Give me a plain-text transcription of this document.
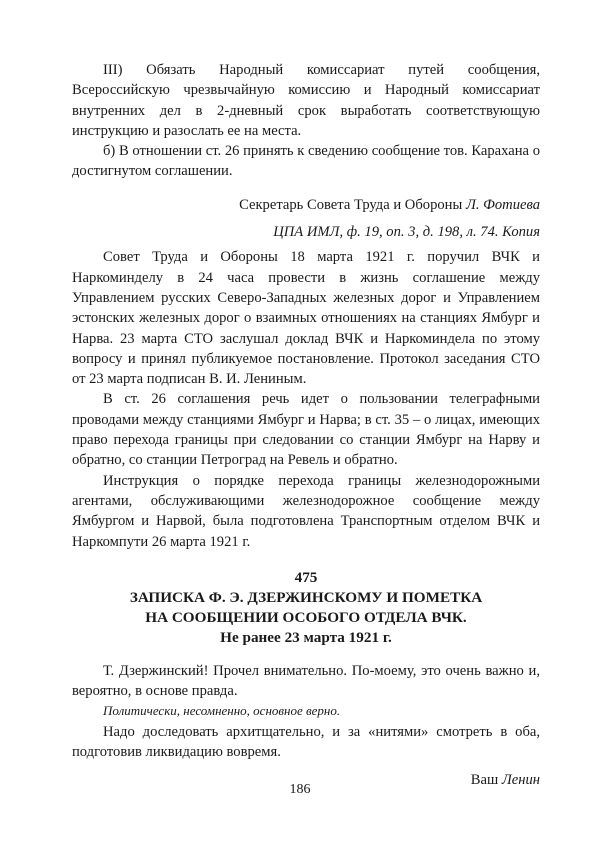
III) Обязать Народный комиссариат путей сообщения, Всероссийскую чрезвычайную комиссию и Народный комиссариат внутренних дел в 2-дневный срок выработать соответствующую инструкцию и разослать ее на места.

б) В отношении ст. 26 принять к сведению сообщение тов. Карахана о достигнутом соглашении.

Секретарь Совета Труда и Обороны Л. Фотиева
ЦПА ИМЛ, ф. 19, оп. 3, д. 198, л. 74. Копия

Совет Труда и Обороны 18 марта 1921 г. поручил ВЧК и Наркоминделу в 24 часа провести в жизнь соглашение между Управлением русских Северо-Западных железных дорог и Управлением эстонских железных дорог о взаимных отношениях на станциях Ямбург и Нарва. 23 марта СТО заслушал доклад ВЧК и Наркоминдела по этому вопросу и принял публикуемое постановление. Протокол заседания СТО от 23 марта подписан В. И. Лениным.

В ст. 26 соглашения речь идет о пользовании телеграфными проводами между станциями Ямбург и Нарва; в ст. 35 – о лицах, имеющих право перехода границы при следовании со станции Ямбург на Нарву и обратно, со станции Петроград на Ревель и обратно.

Инструкция о порядке перехода границы железнодорожными агентами, обслуживающими железнодорожное сообщение между Ямбургом и Нарвой, была подготовлена Транспортным отделом ВЧК и Наркомпути 26 марта 1921 г.

475
ЗАПИСКА Ф. Э. ДЗЕРЖИНСКОМУ И ПОМЕТКА
НА СООБЩЕНИИ ОСОБОГО ОТДЕЛА ВЧК.
Не ранее 23 марта 1921 г.

Т. Дзержинский! Прочел внимательно. По-моему, это очень важно и, вероятно, в основе правда.

Политически, несомненно, основное верно.

Надо доследовать архитщательно, и за «нитями» смотреть в оба, подготовив ликвидацию вовремя.

Ваш Ленин
186
